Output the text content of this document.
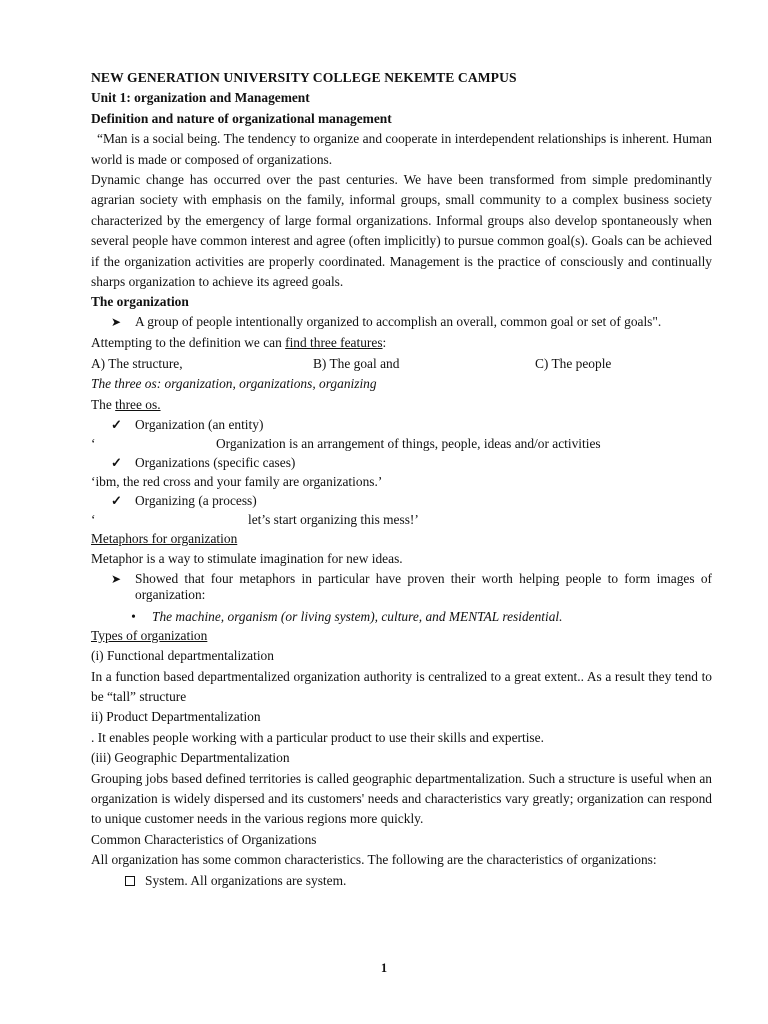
NEW GENERATION UNIVERSITY COLLEGE NEKEMTE CAMPUS

Unit 1: organization and Management

Definition and nature of organizational management

“Man is a social being. The tendency to organize and cooperate in interdependent relationships is inherent. Human world is made or composed of organizations.

Dynamic change has occurred over the past centuries. We have been transformed from simple predominantly agrarian society with emphasis on the family, informal groups, small community to a complex business society characterized by the emergency of large formal organizations. Informal groups also develop spontaneously when several people have common interest and agree (often implicitly) to pursue common goal(s). Goals can be achieved if the organization activities are properly coordinated. Management is the practice of consciously and continually sharps organization to achieve its agreed goals.

The organization

➤ A group of people intentionally organized to accomplish an overall, common goal or set of goals".

Attempting to the definition we can find three features:

A) The structure,	B) The goal and	C) The people

The three os: organization, organizations, organizing

The three os.

✓ Organization (an entity)
‘	Organization is an arrangement of things, people, ideas and/or activities
✓ Organizations (specific cases)

‘ibm, the red cross and your family are organizations.’

✓ Organizing (a process)
‘	let’s start organizing this mess!’

Metaphors for organization

Metaphor is a way to stimulate imagination for new ideas.

➤ Showed that four metaphors in particular have proven their worth helping people to form images of organization:
• The machine, organism (or living system), culture, and MENTAL residential.

Types of organization

(i) Functional departmentalization

In a function based departmentalized organization authority is centralized to a great extent.. As a result they tend to be “tall” structure

ii) Product Departmentalization

. It enables people working with a particular product to use their skills and expertise.

(iii) Geographic Departmentalization

Grouping jobs based defined territories is called geographic departmentalization. Such a structure is useful when an organization is widely dispersed and its customers' needs and characteristics vary greatly; organization can respond to unique customer needs in the various regions more quickly.

Common Characteristics of Organizations

All organization has some common characteristics. The following are the characteristics of organizations:

System. All organizations are system.
1
